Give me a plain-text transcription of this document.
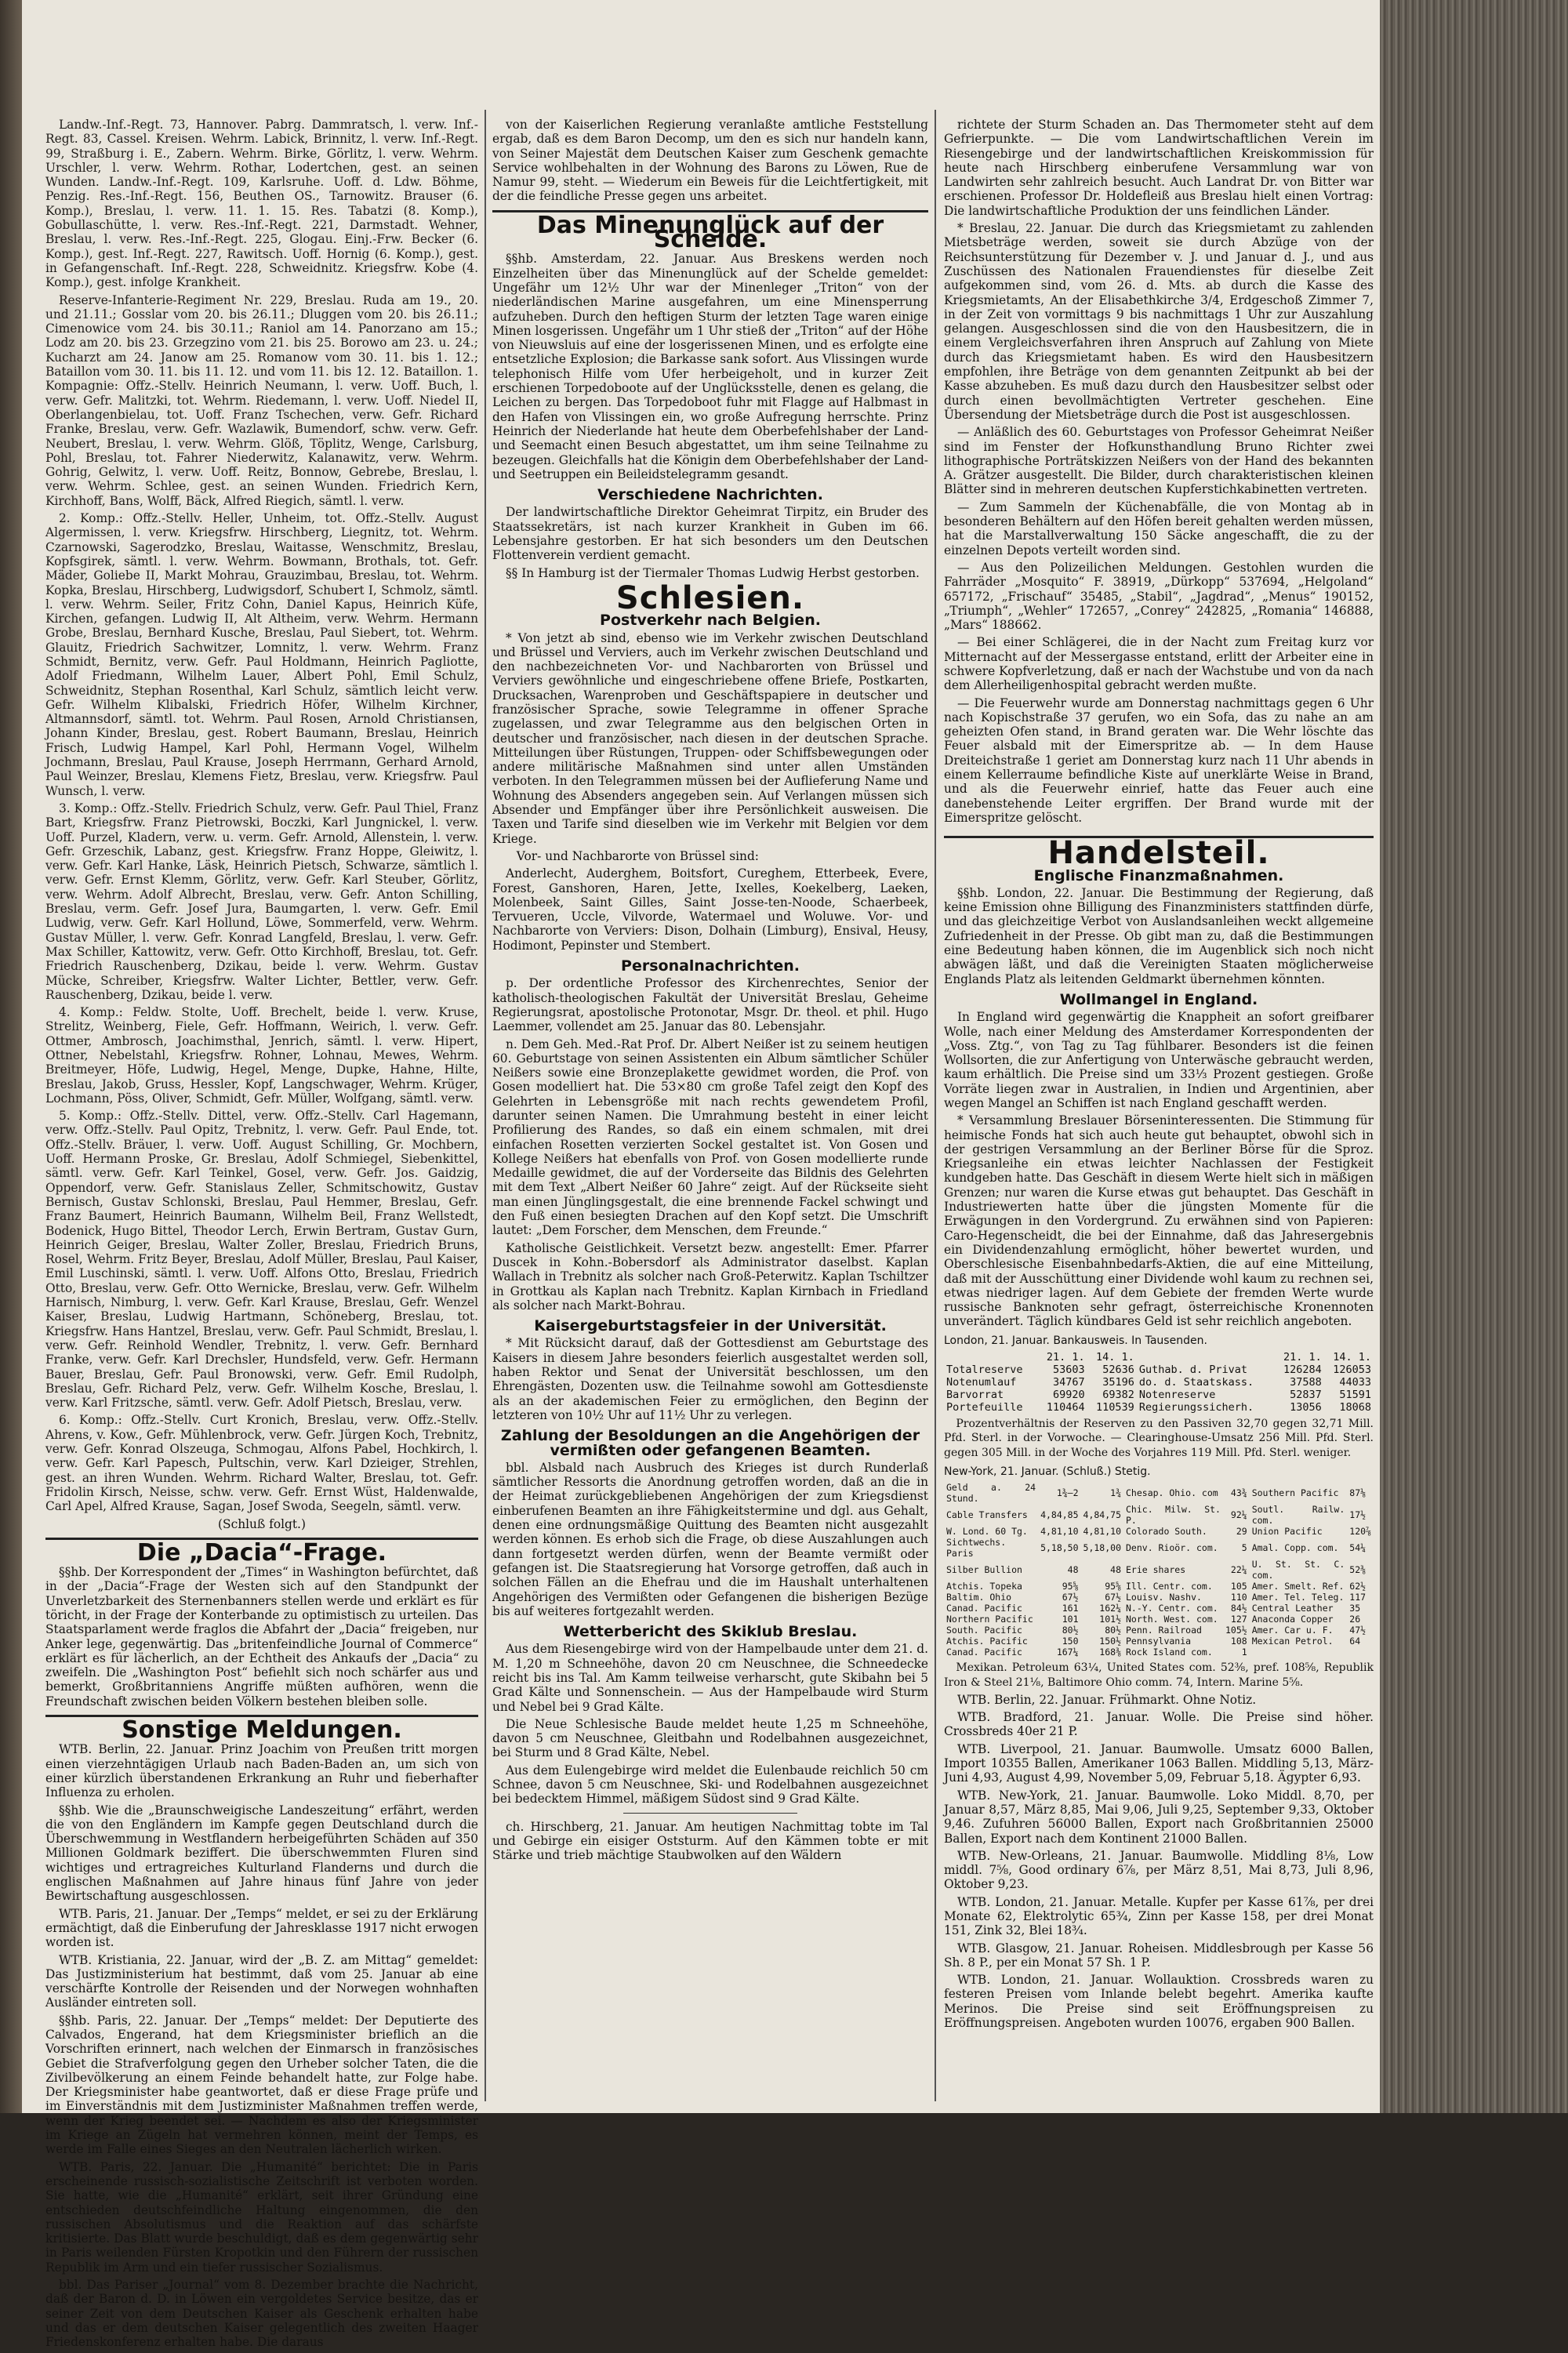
Landw.-Inf.-Regt. 73, Hannover. Pabrg. Dammratsch, l. verw. Inf.-Regt. 83, Cassel. Kreisen. Wehrm. Labick, Brinnitz, l. verw. Inf.-Regt. 99, Straßburg i. E., Zabern. Wehrm. Birke, Görlitz, l. verw. Wehrm. Urschler, l. verw. Wehrm. Rothar, Lodertchen, gest. an seinen Wunden. Landw.-Inf.-Regt. 109, Karlsruhe. Uoff. d. Ldw. Böhme, Penzig. Res.-Inf.-Regt. 156, Beuthen OS., Tarnowitz. Brauser (6. Komp.), Breslau, l. verw. 11. 1. 15. Res. Tabatzi (8. Komp.), Gobullaschütte, l. verw. Res.-Inf.-Regt. 221, Darmstadt. Wehner, Breslau, l. verw. Res.-Inf.-Regt. 225, Glogau. Einj.-Frw. Becker (6. Komp.), gest. Inf.-Regt. 227, Rawitsch. Uoff. Hornig (6. Komp.), gest. in Gefangenschaft. Inf.-Regt. 228, Schweidnitz. Kriegsfrw. Kobe (4. Komp.), gest. infolge Krankheit.

Reserve-Infanterie-Regiment Nr. 229, Breslau. Ruda am 19., 20. und 21.11.; Gosslar vom 20. bis 26.11.; Dluggen vom 20. bis 26.11.; Cimenowice vom 24. bis 30.11.; Raniol am 14. Panorzano am 15.; Lodz am 20. bis 23. Grzegzino vom 21. bis 25. Borowo am 23. u. 24.; Kucharzt am 24. Janow am 25. Romanow vom 30. 11. bis 1. 12.; Bataillon vom 30. 11. bis 11. 12. und vom 11. bis 12. 12. Bataillon. 1. Kompagnie: Offz.-Stellv. Heinrich Neumann, l. verw. Uoff. Buch, l. verw. Gefr. Malitzki, tot. Wehrm. Riedemann, l. verw. Uoff. Niedel II, Oberlangenbielau, tot. Uoff. Franz Tschechen, verw. Gefr. Richard Franke, Breslau, verw. Gefr. Wazlawik, Bumendorf, schw. verw. Gefr. Neubert, Breslau, l. verw. Wehrm. Glöß, Töplitz, Wenge, Carlsburg, Pohl, Breslau, tot. Fahrer Niederwitz, Kalanawitz, verw. Wehrm. Gohrig, Gelwitz, l. verw. Uoff. Reitz, Bonnow, Gebrebe, Breslau, l. verw. Wehrm. Schlee, gest. an seinen Wunden. Friedrich Kern, Kirchhoff, Bans, Wolff, Bäck, Alfred Riegich, sämtl. l. verw.

2. Komp.: Offz.-Stellv. Heller, Unheim, tot. Offz.-Stellv. August Algermissen, l. verw. Kriegsfrw. Hirschberg, Liegnitz, tot. Wehrm. Czarnowski, Sagerodzko, Breslau, Waitasse, Wenschmitz, Breslau, Kopfsgirek, sämtl. l. verw. Wehrm. Bowmann, Brothals, tot. Gefr. Mäder, Goliebe II, Markt Mohrau, Grauzimbau, Breslau, tot. Wehrm. Kopka, Breslau, Hirschberg, Ludwigsdorf, Schubert I, Schmolz, sämtl. l. verw. Wehrm. Seiler, Fritz Cohn, Daniel Kapus, Heinrich Küfe, Kirchen, gefangen. Ludwig II, Alt Altheim, verw. Wehrm. Hermann Grobe, Breslau, Bernhard Kusche, Breslau, Paul Siebert, tot. Wehrm. Glauitz, Friedrich Sachwitzer, Lomnitz, l. verw. Wehrm. Franz Schmidt, Bernitz, verw. Gefr. Paul Holdmann, Heinrich Pagliotte, Adolf Friedmann, Wilhelm Lauer, Albert Pohl, Emil Schulz, Schweidnitz, Stephan Rosenthal, Karl Schulz, sämtlich leicht verw. Gefr. Wilhelm Klibalski, Friedrich Höfer, Wilhelm Kirchner, Altmannsdorf, sämtl. tot. Wehrm. Paul Rosen, Arnold Christiansen, Johann Kinder, Breslau, gest. Robert Baumann, Breslau, Heinrich Frisch, Ludwig Hampel, Karl Pohl, Hermann Vogel, Wilhelm Jochmann, Breslau, Paul Krause, Joseph Herrmann, Gerhard Arnold, Paul Weinzer, Breslau, Klemens Fietz, Breslau, verw. Kriegsfrw. Paul Wunsch, l. verw.

3. Komp.: Offz.-Stellv. Friedrich Schulz, verw. Gefr. Paul Thiel, Franz Bart, Kriegsfrw. Franz Pietrowski, Boczki, Karl Jungnickel, l. verw. Uoff. Purzel, Kladern, verw. u. verm. Gefr. Arnold, Allenstein, l. verw. Gefr. Grzeschik, Labanz, gest. Kriegsfrw. Franz Hoppe, Gleiwitz, l. verw. Gefr. Karl Hanke, Läsk, Heinrich Pietsch, Schwarze, sämtlich l. verw. Gefr. Ernst Klemm, Görlitz, verw. Gefr. Karl Steuber, Görlitz, verw. Wehrm. Adolf Albrecht, Breslau, verw. Gefr. Anton Schilling, Breslau, verm. Gefr. Josef Jura, Baumgarten, l. verw. Gefr. Emil Ludwig, verw. Gefr. Karl Hollund, Löwe, Sommerfeld, verw. Wehrm. Gustav Müller, l. verw. Gefr. Konrad Langfeld, Breslau, l. verw. Gefr. Max Schiller, Kattowitz, verw. Gefr. Otto Kirchhoff, Breslau, tot. Gefr. Friedrich Rauschenberg, Dzikau, beide l. verw. Wehrm. Gustav Mücke, Schreiber, Kriegsfrw. Walter Lichter, Bettler, verw. Gefr. Rauschenberg, Dzikau, beide l. verw.

4. Komp.: Feldw. Stolte, Uoff. Brechelt, beide l. verw. Kruse, Strelitz, Weinberg, Fiele, Gefr. Hoffmann, Weirich, l. verw. Gefr. Ottmer, Ambrosch, Joachimsthal, Jenrich, sämtl. l. verw. Hipert, Ottner, Nebelstahl, Kriegsfrw. Rohner, Lohnau, Mewes, Wehrm. Breitmeyer, Höfe, Ludwig, Hegel, Menge, Dupke, Hahne, Hilte, Breslau, Jakob, Gruss, Hessler, Kopf, Langschwager, Wehrm. Krüger, Lochmann, Pöss, Oliver, Schmidt, Gefr. Müller, Wolfgang, sämtl. verw.

5. Komp.: Offz.-Stellv. Dittel, verw. Offz.-Stellv. Carl Hagemann, verw. Offz.-Stellv. Paul Opitz, Trebnitz, l. verw. Gefr. Paul Ende, tot. Offz.-Stellv. Bräuer, l. verw. Uoff. August Schilling, Gr. Mochbern, Uoff. Hermann Proske, Gr. Breslau, Adolf Schmiegel, Siebenkittel, sämtl. verw. Gefr. Karl Teinkel, Gosel, verw. Gefr. Jos. Gaidzig, Oppendorf, verw. Gefr. Stanislaus Zeller, Schmitschowitz, Gustav Bernisch, Gustav Schlonski, Breslau, Paul Hemmer, Breslau, Gefr. Franz Baumert, Heinrich Baumann, Wilhelm Beil, Franz Wellstedt, Bodenick, Hugo Bittel, Theodor Lerch, Erwin Bertram, Gustav Gurn, Heinrich Geiger, Breslau, Walter Zoller, Breslau, Friedrich Bruns, Rosel, Wehrm. Fritz Beyer, Breslau, Adolf Müller, Breslau, Paul Kaiser, Emil Luschinski, sämtl. l. verw. Uoff. Alfons Otto, Breslau, Friedrich Otto, Breslau, verw. Gefr. Otto Wernicke, Breslau, verw. Gefr. Wilhelm Harnisch, Nimburg, l. verw. Gefr. Karl Krause, Breslau, Gefr. Wenzel Kaiser, Breslau, Ludwig Hartmann, Schöneberg, Breslau, tot. Kriegsfrw. Hans Hantzel, Breslau, verw. Gefr. Paul Schmidt, Breslau, l. verw. Gefr. Reinhold Wendler, Trebnitz, l. verw. Gefr. Bernhard Franke, verw. Gefr. Karl Drechsler, Hundsfeld, verw. Gefr. Hermann Bauer, Breslau, Gefr. Paul Bronowski, verw. Gefr. Emil Rudolph, Breslau, Gefr. Richard Pelz, verw. Gefr. Wilhelm Kosche, Breslau, l. verw. Karl Fritzsche, sämtl. verw. Gefr. Adolf Pietsch, Breslau, verw.

6. Komp.: Offz.-Stellv. Curt Kronich, Breslau, verw. Offz.-Stellv. Ahrens, v. Kow., Gefr. Mühlenbrock, verw. Gefr. Jürgen Koch, Trebnitz, verw. Gefr. Konrad Olszeuga, Schmogau, Alfons Pabel, Hochkirch, l. verw. Gefr. Karl Papesch, Pultschin, verw. Karl Dzieiger, Strehlen, gest. an ihren Wunden. Wehrm. Richard Walter, Breslau, tot. Gefr. Fridolin Kirsch, Neisse, schw. verw. Gefr. Ernst Wüst, Haldenwalde, Carl Apel, Alfred Krause, Sagan, Josef Swoda, Seegeln, sämtl. verw.

(Schluß folgt.)
Die „Dacia“-Frage.

§§hb. Der Korrespondent der „Times“ in Washington befürchtet, daß in der „Dacia“-Frage der Westen sich auf den Standpunkt der Unverletzbarkeit des Sternenbanners stellen werde und erklärt es für töricht, in der Frage der Konterbande zu optimistisch zu urteilen. Das Staatsparlament werde fraglos die Abfahrt der „Dacia“ freigeben, nur Anker lege, gegenwärtig. Das „britenfeindliche Journal of Commerce“ erklärt es für lächerlich, an der Echtheit des Ankaufs der „Dacia“ zu zweifeln. Die „Washington Post“ befiehlt sich noch schärfer aus und bemerkt, Großbritanniens Angriffe müßten aufhören, wenn die Freundschaft zwischen beiden Völkern bestehen bleiben solle.

Sonstige Meldungen.

WTB. Berlin, 22. Januar. Prinz Joachim von Preußen tritt morgen einen vierzehntägigen Urlaub nach Baden-Baden an, um sich von einer kürzlich überstandenen Erkrankung an Ruhr und fieberhafter Influenza zu erholen.

§§hb. Wie die „Braunschweigische Landeszeitung“ erfährt, werden die von den Engländern im Kampfe gegen Deutschland durch die Überschwemmung in Westflandern herbeigeführten Schäden auf 350 Millionen Goldmark beziffert. Die überschwemmten Fluren sind wichtiges und ertragreiches Kulturland Flanderns und durch die englischen Maßnahmen auf Jahre hinaus fünf Jahre von jeder Bewirtschaftung ausgeschlossen.

WTB. Paris, 21. Januar. Der „Temps“ meldet, er sei zu der Erklärung ermächtigt, daß die Einberufung der Jahresklasse 1917 nicht erwogen worden ist.

WTB. Kristiania, 22. Januar, wird der „B. Z. am Mittag“ gemeldet: Das Justizministerium hat bestimmt, daß vom 25. Januar ab eine verschärfte Kontrolle der Reisenden und der Norwegen wohnhaften Ausländer eintreten soll.

§§hb. Paris, 22. Januar. Der „Temps“ meldet: Der Deputierte des Calvados, Engerand, hat dem Kriegsminister brieflich an die Vorschriften erinnert, nach welchen der Einmarsch in französisches Gebiet die Strafverfolgung gegen den Urheber solcher Taten, die die Zivilbevölkerung an einem Feinde behandelt hatte, zur Folge habe. Der Kriegsminister habe geantwortet, daß er diese Frage prüfe und im Einverständnis mit dem Justizminister Maßnahmen treffen werde, wenn der Krieg beendet sei. — Nachdem es also der Kriegsminister im Kriege an Zügeln hat vermehren können, meint der Temps, es werde im Falle eines Sieges an den Neutralen lächerlich wirken.

WTB. Paris, 22. Januar. Die „Humanité“ berichtet: Die in Paris erscheinende russisch-sozialistische Zeitschrift ist verboten worden. Sie hatte, wie die „Humanité“ erklärt, seit ihrer Gründung eine entschieden deutschfeindliche Haltung eingenommen, die den russischen Absolutismus und die Reaktion auf das schärfste kritisierte. Das Blatt wurde beschuldigt, daß es dem gegenwärtig sehr in Paris weilenden Fürsten Kropotkin und den Führern der russischen Republik im Arm und ein tiefer russischer Sozialismus.

bbl. Das Pariser „Journal“ vom 8. Dezember brachte die Nachricht, daß der Baron d. D. in Löwen ein vergoldetes Service besitze, das er seiner Zeit von dem Deutschen Kaiser als Geschenk erhalten habe und das er dem deutschen Kaiser gelegentlich des zweiten Haager Friedenskonferenz erhalten habe. Die daraus

von der Kaiserlichen Regierung veranlaßte amtliche Feststellung ergab, daß es dem Baron Decomp, um den es sich nur handeln kann, von Seiner Majestät dem Deutschen Kaiser zum Geschenk gemachte Service wohlbehalten in der Wohnung des Barons zu Löwen, Rue de Namur 99, steht. — Wiederum ein Beweis für die Leichtfertigkeit, mit der die feindliche Presse gegen uns arbeitet.

Das Minenunglück auf der Schelde.

§§hb. Amsterdam, 22. Januar. Aus Breskens werden noch Einzelheiten über das Minenunglück auf der Schelde gemeldet: Ungefähr um 12½ Uhr war der Minenleger „Triton“ von der niederländischen Marine ausgefahren, um eine Minensperrung aufzuheben. Durch den heftigen Sturm der letzten Tage waren einige Minen losgerissen. Ungefähr um 1 Uhr stieß der „Triton“ auf der Höhe von Nieuwsluis auf eine der losgerissenen Minen, und es erfolgte eine entsetzliche Explosion; die Barkasse sank sofort. Aus Vlissingen wurde telephonisch Hilfe vom Ufer herbeigeholt, und in kurzer Zeit erschienen Torpedoboote auf der Unglücksstelle, denen es gelang, die Leichen zu bergen. Das Torpedoboot fuhr mit Flagge auf Halbmast in den Hafen von Vlissingen ein, wo große Aufregung herrschte. Prinz Heinrich der Niederlande hat heute dem Oberbefehlshaber der Land- und Seemacht einen Besuch abgestattet, um ihm seine Teilnahme zu bezeugen. Gleichfalls hat die Königin dem Oberbefehlshaber der Land- und Seetruppen ein Beileidstelegramm gesandt.

Verschiedene Nachrichten.

Der landwirtschaftliche Direktor Geheimrat Tirpitz, ein Bruder des Staatssekretärs, ist nach kurzer Krankheit in Guben im 66. Lebensjahre gestorben. Er hat sich besonders um den Deutschen Flottenverein verdient gemacht.

§§ In Hamburg ist der Tiermaler Thomas Ludwig Herbst gestorben.

Schlesien.
Postverkehr nach Belgien.

* Von jetzt ab sind, ebenso wie im Verkehr zwischen Deutschland und Brüssel und Verviers, auch im Verkehr zwischen Deutschland und den nachbezeichneten Vor- und Nachbarorten von Brüssel und Verviers gewöhnliche und eingeschriebene offene Briefe, Postkarten, Drucksachen, Warenproben und Geschäftspapiere in deutscher und französischer Sprache, sowie Telegramme in offener Sprache zugelassen, und zwar Telegramme aus den belgischen Orten in deutscher und französischer, nach diesen in der deutschen Sprache. Mitteilungen über Rüstungen, Truppen- oder Schiffsbewegungen oder andere militärische Maßnahmen sind unter allen Umständen verboten. In den Telegrammen müssen bei der Auflieferung Name und Wohnung des Absenders angegeben sein. Auf Verlangen müssen sich Absender und Empfänger über ihre Persönlichkeit ausweisen. Die Taxen und Tarife sind dieselben wie im Verkehr mit Belgien vor dem Kriege.

Vor- und Nachbarorte von Brüssel sind:

Anderlecht, Auderghem, Boitsfort, Cureghem, Etterbeek, Evere, Forest, Ganshoren, Haren, Jette, Ixelles, Koekelberg, Laeken, Molenbeek, Saint Gilles, Saint Josse-ten-Noode, Schaerbeek, Tervueren, Uccle, Vilvorde, Watermael und Woluwe. Vor- und Nachbarorte von Verviers: Dison, Dolhain (Limburg), Ensival, Heusy, Hodimont, Pepinster und Stembert.

Personalnachrichten.

p. Der ordentliche Professor des Kirchenrechtes, Senior der katholisch-theologischen Fakultät der Universität Breslau, Geheime Regierungsrat, apostolische Protonotar, Msgr. Dr. theol. et phil. Hugo Laemmer, vollendet am 25. Januar das 80. Lebensjahr.

n. Dem Geh. Med.-Rat Prof. Dr. Albert Neißer ist zu seinem heutigen 60. Geburtstage von seinen Assistenten ein Album sämtlicher Schüler Neißers sowie eine Bronzeplakette gewidmet worden, die Prof. von Gosen modelliert hat. Die 53×80 cm große Tafel zeigt den Kopf des Gelehrten in Lebensgröße mit nach rechts gewendetem Profil, darunter seinen Namen. Die Umrahmung besteht in einer leicht Profilierung des Randes, so daß ein einem schmalen, mit drei einfachen Rosetten verzierten Sockel gestaltet ist. Von Gosen und Kollege Neißers hat ebenfalls von Prof. von Gosen modellierte runde Medaille gewidmet, die auf der Vorderseite das Bildnis des Gelehrten mit dem Text „Albert Neißer 60 Jahre“ zeigt. Auf der Rückseite sieht man einen Jünglingsgestalt, die eine brennende Fackel schwingt und den Fuß einen besiegten Drachen auf den Kopf setzt. Die Umschrift lautet: „Dem Forscher, dem Menschen, dem Freunde.“

Katholische Geistlichkeit. Versetzt bezw. angestellt: Emer. Pfarrer Duscek in Kohn.-Bobersdorf als Administrator daselbst. Kaplan Wallach in Trebnitz als solcher nach Groß-Peterwitz. Kaplan Tschiltzer in Grottkau als Kaplan nach Trebnitz. Kaplan Kirnbach in Friedland als solcher nach Markt-Bohrau.

Kaisergeburtstagsfeier in der Universität.

* Mit Rücksicht darauf, daß der Gottesdienst am Geburtstage des Kaisers in diesem Jahre besonders feierlich ausgestaltet werden soll, haben Rektor und Senat der Universität beschlossen, um den Ehrengästen, Dozenten usw. die Teilnahme sowohl am Gottesdienste als an der akademischen Feier zu ermöglichen, den Beginn der letzteren von 10½ Uhr auf 11½ Uhr zu verlegen.

Zahlung der Besoldungen an die Angehörigen der vermißten oder gefangenen Beamten.

bbl. Alsbald nach Ausbruch des Krieges ist durch Runderlaß sämtlicher Ressorts die Anordnung getroffen worden, daß an die in der Heimat zurückgebliebenen Angehörigen der zum Kriegsdienst einberufenen Beamten an ihre Fähigkeitstermine und dgl. aus Gehalt, denen eine ordnungsmäßige Quittung des Beamten nicht ausgezahlt werden können. Es erhob sich die Frage, ob diese Auszahlungen auch dann fortgesetzt werden dürfen, wenn der Beamte vermißt oder gefangen ist. Die Staatsregierung hat Vorsorge getroffen, daß auch in solchen Fällen an die Ehefrau und die im Haushalt unterhaltenen Angehörigen des Vermißten oder Gefangenen die bisherigen Bezüge bis auf weiteres fortgezahlt werden.

Wetterbericht des Skiklub Breslau.

Aus dem Riesengebirge wird von der Hampelbaude unter dem 21. d. M. 1,20 m Schneehöhe, davon 20 cm Neuschnee, die Schneedecke reicht bis ins Tal. Am Kamm teilweise verharscht, gute Skibahn bei 5 Grad Kälte und Sonnenschein. — Aus der Hampelbaude wird Sturm und Nebel bei 9 Grad Kälte.

Die Neue Schlesische Baude meldet heute 1,25 m Schneehöhe, davon 5 cm Neuschnee, Gleitbahn und Rodelbahnen ausgezeichnet, bei Sturm und 8 Grad Kälte, Nebel.

Aus dem Eulengebirge wird meldet die Eulenbaude reichlich 50 cm Schnee, davon 5 cm Neuschnee, Ski- und Rodelbahnen ausgezeichnet bei bedecktem Himmel, mäßigem Südost sind 9 Grad Kälte.

ch. Hirschberg, 21. Januar. Am heutigen Nachmittag tobte im Tal und Gebirge ein eisiger Oststurm. Auf den Kämmen tobte er mit Stärke und trieb mächtige Staubwolken auf den Wäldern

richtete der Sturm Schaden an. Das Thermometer steht auf dem Gefrierpunkte. — Die vom Landwirtschaftlichen Verein im Riesengebirge und der landwirtschaftlichen Kreiskommission für heute nach Hirschberg einberufene Versammlung war von Landwirten sehr zahlreich besucht. Auch Landrat Dr. von Bitter war erschienen. Professor Dr. Holdefleiß aus Breslau hielt einen Vortrag: Die landwirtschaftliche Produktion der uns feindlichen Länder.

* Breslau, 22. Januar. Die durch das Kriegsmietamt zu zahlenden Mietsbeträge werden, soweit sie durch Abzüge von der Reichsunterstützung für Dezember v. J. und Januar d. J., und aus Zuschüssen des Nationalen Frauendienstes für dieselbe Zeit aufgekommen sind, vom 26. d. Mts. ab durch die Kasse des Kriegsmietamts, An der Elisabethkirche 3/4, Erdgeschoß Zimmer 7, in der Zeit von vormittags 9 bis nachmittags 1 Uhr zur Auszahlung gelangen. Ausgeschlossen sind die von den Hausbesitzern, die in einem Vergleichsverfahren ihren Anspruch auf Zahlung von Miete durch das Kriegsmietamt haben. Es wird den Hausbesitzern empfohlen, ihre Beträge von dem genannten Zeitpunkt ab bei der Kasse abzuheben. Es muß dazu durch den Hausbesitzer selbst oder durch einen bevollmächtigten Vertreter geschehen. Eine Übersendung der Mietsbeträge durch die Post ist ausgeschlossen.

— Anläßlich des 60. Geburtstages von Professor Geheimrat Neißer sind im Fenster der Hofkunsthandlung Bruno Richter zwei lithographische Porträtskizzen Neißers von der Hand des bekannten A. Grätzer ausgestellt. Die Bilder, durch charakteristischen kleinen Blätter sind in mehreren deutschen Kupferstichkabinetten vertreten.

— Zum Sammeln der Küchenabfälle, die von Montag ab in besonderen Behältern auf den Höfen bereit gehalten werden müssen, hat die Marstallverwaltung 150 Säcke angeschafft, die zu der einzelnen Depots verteilt worden sind.

— Aus den Polizeilichen Meldungen. Gestohlen wurden die Fahrräder „Mosquito“ F. 38919, „Dürkopp“ 537694, „Helgoland“ 657172, „Frischauf“ 35485, „Stabil“, „Jagdrad“, „Menus“ 190152, „Triumph“, „Wehler“ 172657, „Conrey“ 242825, „Romania“ 146888, „Mars“ 188662.

— Bei einer Schlägerei, die in der Nacht zum Freitag kurz vor Mitternacht auf der Messergasse entstand, erlitt der Arbeiter eine in schwere Kopfverletzung, daß er nach der Wachstube und von da nach dem Allerheiligenhospital gebracht werden mußte.

— Die Feuerwehr wurde am Donnerstag nachmittags gegen 6 Uhr nach Kopischstraße 37 gerufen, wo ein Sofa, das zu nahe an am geheizten Ofen stand, in Brand geraten war. Die Wehr löschte das Feuer alsbald mit der Eimerspritze ab. — In dem Hause Dreiteichstraße 1 geriet am Donnerstag kurz nach 11 Uhr abends in einem Kellerraume befindliche Kiste auf unerklärte Weise in Brand, und als die Feuerwehr einrief, hatte das Feuer auch eine danebenstehende Leiter ergriffen. Der Brand wurde mit der Eimerspritze gelöscht.

Handelsteil.
Englische Finanzmaßnahmen.

§§hb. London, 22. Januar. Die Bestimmung der Regierung, daß keine Emission ohne Billigung des Finanzministers stattfinden dürfe, und das gleichzeitige Verbot von Auslandsanleihen weckt allgemeine Zufriedenheit in der Presse. Ob gibt man zu, daß die Bestimmungen eine Bedeutung haben können, die im Augenblick sich noch nicht abwägen läßt, und daß die Vereinigten Staaten möglicherweise Englands Platz als leitenden Geldmarkt übernehmen könnten.

Wollmangel in England.

In England wird gegenwärtig die Knappheit an sofort greifbarer Wolle, nach einer Meldung des Amsterdamer Korrespondenten der „Voss. Ztg.“, von Tag zu Tag fühlbarer. Besonders ist die feinen Wollsorten, die zur Anfertigung von Unterwäsche gebraucht werden, kaum erhältlich. Die Preise sind um 33⅓ Prozent gestiegen. Große Vorräte liegen zwar in Australien, in Indien und Argentinien, aber wegen Mangel an Schiffen ist nach England geschafft werden.

* Versammlung Breslauer Börseninteressenten. Die Stimmung für heimische Fonds hat sich auch heute gut behauptet, obwohl sich in der gestrigen Versammlung an der Berliner Börse für die Sproz. Kriegsanleihe ein etwas leichter Nachlassen der Festigkeit kundgeben hatte. Das Geschäft in diesem Werte hielt sich in mäßigen Grenzen; nur waren die Kurse etwas gut behauptet. Das Geschäft in Industriewerten hatte über die jüngsten Momente für die Erwägungen in den Vordergrund. Zu erwähnen sind von Papieren: Caro-Hegenscheidt, die bei der Einnahme, daß das Jahresergebnis ein Dividendenzahlung ermöglicht, höher bewertet wurden, und Oberschlesische Eisenbahnbedarfs-Aktien, die auf eine Mitteilung, daß mit der Ausschüttung einer Dividende wohl kaum zu rechnen sei, etwas niedriger lagen. Auf dem Gebiete der fremden Werte wurde russische Banknoten sehr gefragt, österreichische Kronennoten unverändert. Täglich kündbares Geld ist sehr reichlich angeboten.

London, 21. Januar. Bankausweis. In Tausenden.
	21. 1.	14. 1.		21. 1.	14. 1.
Totalreserve	53603	52636	Guthab. d. Privat	126284	126053
Notenumlauf	34767	35196	do. d. Staatskass.	37588	44033
Barvorrat	69920	69382	Notenreserve	52837	51591
Portefeuille	110464	110539	Regierungssicherh.	13056	18068

Prozentverhältnis der Reserven zu den Passiven 32,70 gegen 32,71 Mill. Pfd. Sterl. in der Vorwoche. — Clearinghouse-Umsatz 256 Mill. Pfd. Sterl. gegen 305 Mill. in der Woche des Vorjahres 119 Mill. Pfd. Sterl. weniger.

New-York, 21. Januar. (Schluß.) Stetig.
Geld a. 24 Stund.	1¾–2	1¾	Chesap. Ohio. com	43¾	Southern Pacific	87⅛
Cable Transfers	4,84,85	4,84,75	Chic. Milw. St. P.	92¼	Soutl. Railw. com.	17½
W. Lond. 60 Tg.	4,81,10	4,81,10	Colorado South.	29	Union Pacific	120⅞
Sichtwechs. Paris	5,18,50	5,18,00	Denv. Rioör. com.	5	Amal. Copp. com.	54¼
Silber Bullion	48	48	Erie shares	22¼	U. St. St. C. com.	52⅜
Atchis. Topeka	95⅝	95⅝	Ill. Centr. com.	105	Amer. Smelt. Ref.	62½
Baltim. Ohio	67½	67½	Louisv. Nashv.	110	Amer. Tel. Teleg.	117
Canad. Pacific	161	162¼	N.-Y. Centr. com.	84½	Central Leather	35
Northern Pacific	101	101½	North. West. com.	127	Anaconda Copper	26
South. Pacific	80½	80½	Penn. Railroad	105½	Amer. Car u. F.	47½
Atchis. Pacific	150	150½	Pennsylvania	108	Mexican Petrol.	64
Canad. Pacific	167¼	168⅜	Rock Island com.	1		

Mexikan. Petroleum 63¼, United States com. 52⅜, pref. 108⅝, Republik Iron & Steel 21⅛, Baltimore Ohio comm. 74, Intern. Marine 5⅝.

WTB. Berlin, 22. Januar. Frühmarkt. Ohne Notiz.

WTB. Bradford, 21. Januar. Wolle. Die Preise sind höher. Crossbreds 40er 21 P.

WTB. Liverpool, 21. Januar. Baumwolle. Umsatz 6000 Ballen, Import 10355 Ballen, Amerikaner 1063 Ballen. Middling 5,13, März-Juni 4,93, August 4,99, November 5,09, Februar 5,18. Ägypter 6,93.

WTB. New-York, 21. Januar. Baumwolle. Loko Middl. 8,70, per Januar 8,57, März 8,85, Mai 9,06, Juli 9,25, September 9,33, Oktober 9,46. Zufuhren 56000 Ballen, Export nach Großbritannien 25000 Ballen, Export nach dem Kontinent 21000 Ballen.

WTB. New-Orleans, 21. Januar. Baumwolle. Middling 8⅛, Low middl. 7⅝, Good ordinary 6⅞, per März 8,51, Mai 8,73, Juli 8,96, Oktober 9,23.

WTB. London, 21. Januar. Metalle. Kupfer per Kasse 61⅞, per drei Monate 62, Elektrolytic 65¾, Zinn per Kasse 158, per drei Monat 151, Zink 32, Blei 18¾.

WTB. Glasgow, 21. Januar. Roheisen. Middlesbrough per Kasse 56 Sh. 8 P., per ein Monat 57 Sh. 1 P.

WTB. London, 21. Januar. Wollauktion. Crossbreds waren zu festeren Preisen vom Inlande belebt begehrt. Amerika kaufte Merinos. Die Preise sind seit Eröffnungspreisen zu Eröffnungspreisen. Angeboten wurden 10076, ergaben 900 Ballen.
